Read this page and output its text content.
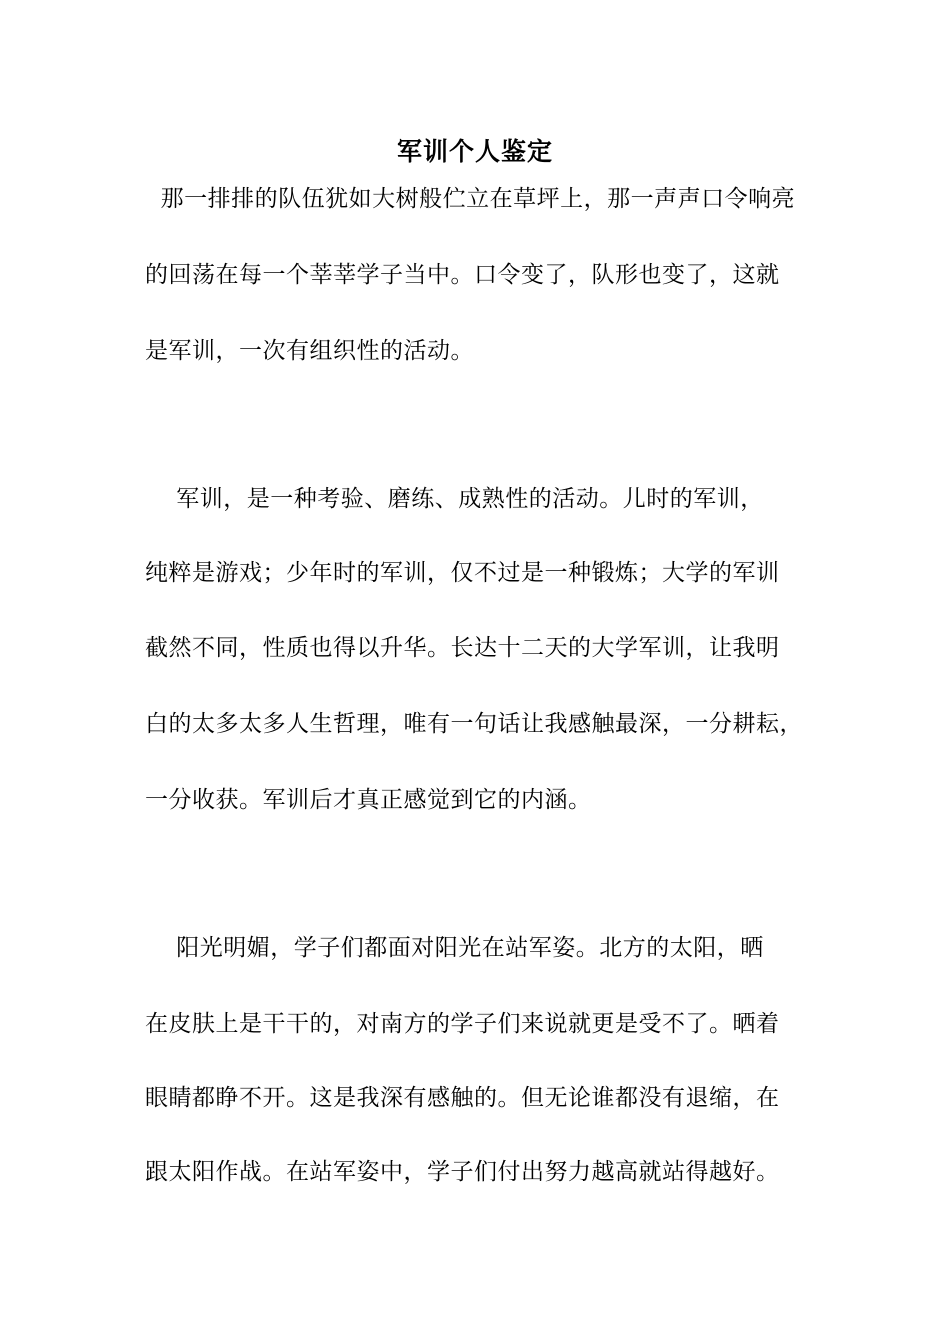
军训个人鉴定
那一排排的队伍犹如大树般伫立在草坪上，那一声声口令响亮
的回荡在每一个莘莘学子当中。口令变了，队形也变了，这就
是军训，一次有组织性的活动。
军训，是一种考验、磨练、成熟性的活动。儿时的军训，
纯粹是游戏；少年时的军训，仅不过是一种锻炼；大学的军训
截然不同，性质也得以升华。长达十二天的大学军训，让我明
白的太多太多人生哲理，唯有一句话让我感触最深，一分耕耘，
一分收获。军训后才真正感觉到它的内涵。
阳光明媚，学子们都面对阳光在站军姿。北方的太阳，晒
在皮肤上是干干的，对南方的学子们来说就更是受不了。晒着
眼睛都睁不开。这是我深有感触的。但无论谁都没有退缩，在
跟太阳作战。在站军姿中，学子们付出努力越高就站得越好。
